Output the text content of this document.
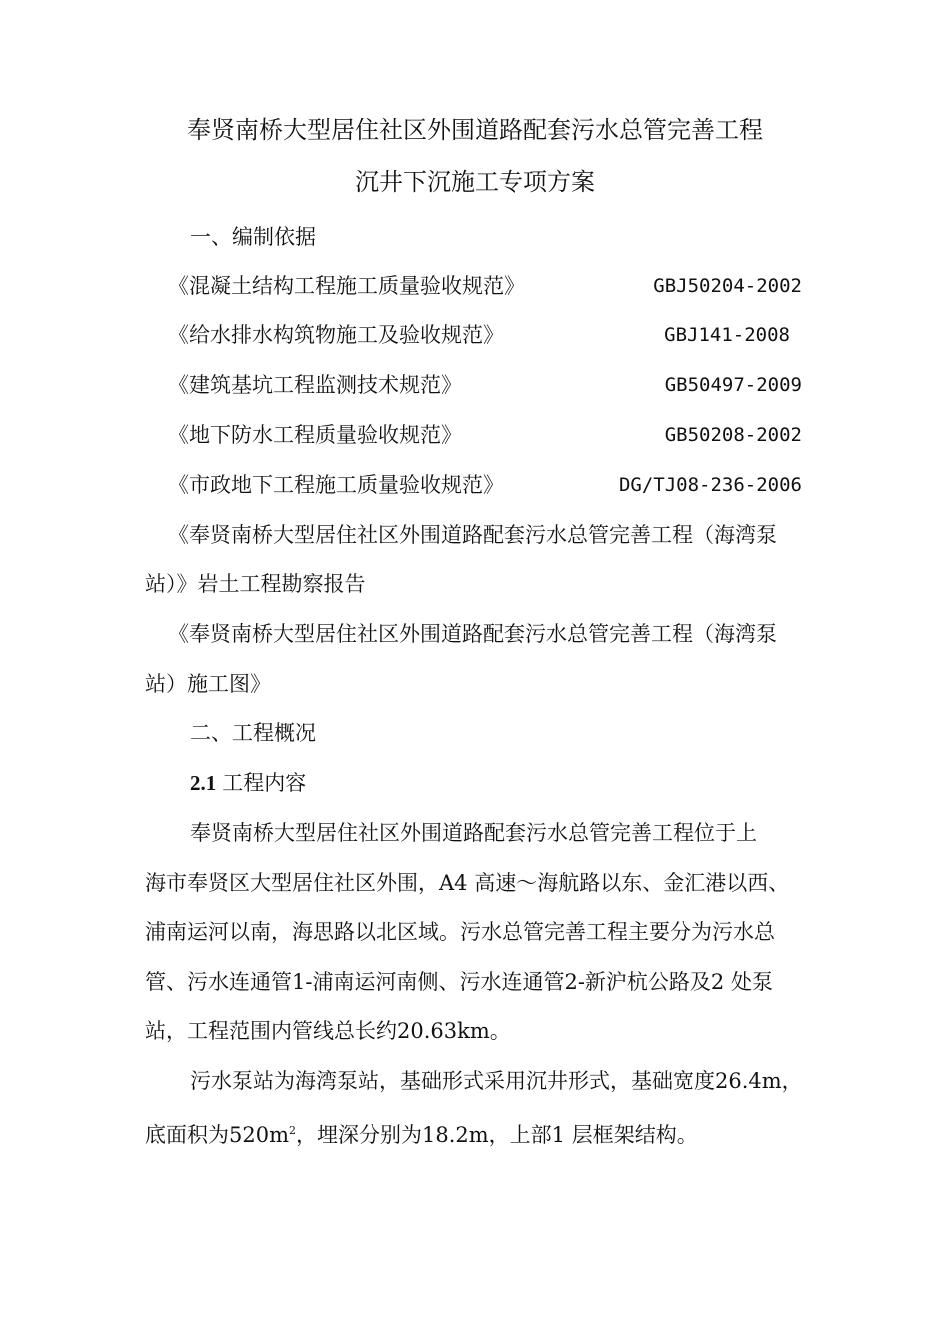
奉贤南桥大型居住社区外围道路配套污水总管完善工程
沉井下沉施工专项方案
一、编制依据
《混凝土结构工程施工质量验收规范》	GBJ50204-2002
《给水排水构筑物施工及验收规范》	GBJ141-2008
《建筑基坑工程监测技术规范》	GB50497-2009
《地下防水工程质量验收规范》	GB50208-2002
《市政地下工程施工质量验收规范》	DG/TJ08-236-2006
《奉贤南桥大型居住社区外围道路配套污水总管完善工程（海湾泵
站）》岩土工程勘察报告
《奉贤南桥大型居住社区外围道路配套污水总管完善工程（海湾泵
站）施工图》
二、工程概况
2.1 工程内容
奉贤南桥大型居住社区外围道路配套污水总管完善工程位于上
海市奉贤区大型居住社区外围，A4 高速～海航路以东、金汇港以西、
浦南运河以南，海思路以北区域。污水总管完善工程主要分为污水总
管、污水连通管1-浦南运河南侧、污水连通管2-新沪杭公路及2 处泵
站，工程范围内管线总长约20.63km。
污水泵站为海湾泵站，基础形式采用沉井形式，基础宽度26.4m，
底面积为$520m^2$，埋深分别为18.2m，上部1 层框架结构。
